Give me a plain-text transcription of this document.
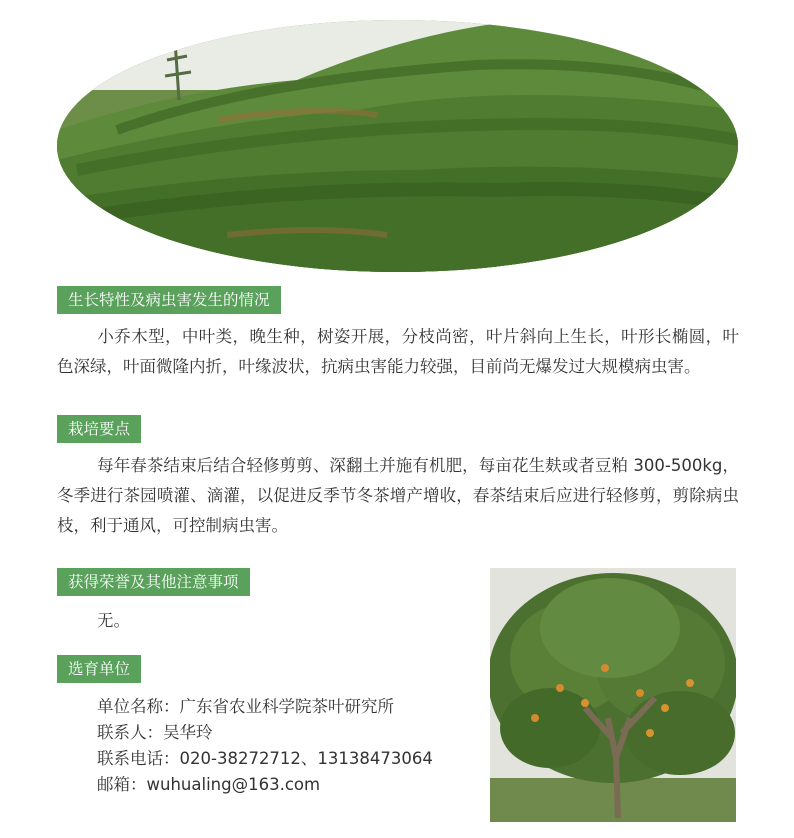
生长特性及病虫害发生的情况
小乔木型，中叶类，晚生种，树姿开展，分枝尚密，叶片斜向上生长，叶形长椭圆，叶色深绿，叶面微隆内折，叶缘波状，抗病虫害能力较强，目前尚无爆发过大规模病虫害。
栽培要点
每年春茶结束后结合轻修剪剪、深翻土并施有机肥，每亩花生麸或者豆粕 300-500kg，冬季进行茶园喷灌、滴灌，以促进反季节冬茶增产增收，春茶结束后应进行轻修剪，剪除病虫枝，利于通风，可控制病虫害。
获得荣誉及其他注意事项
无。
选育单位
单位名称：广东省农业科学院茶叶研究所
联系人：吴华玲
联系电话：020-38272712、13138473064
邮箱：wuhualing@163.com
